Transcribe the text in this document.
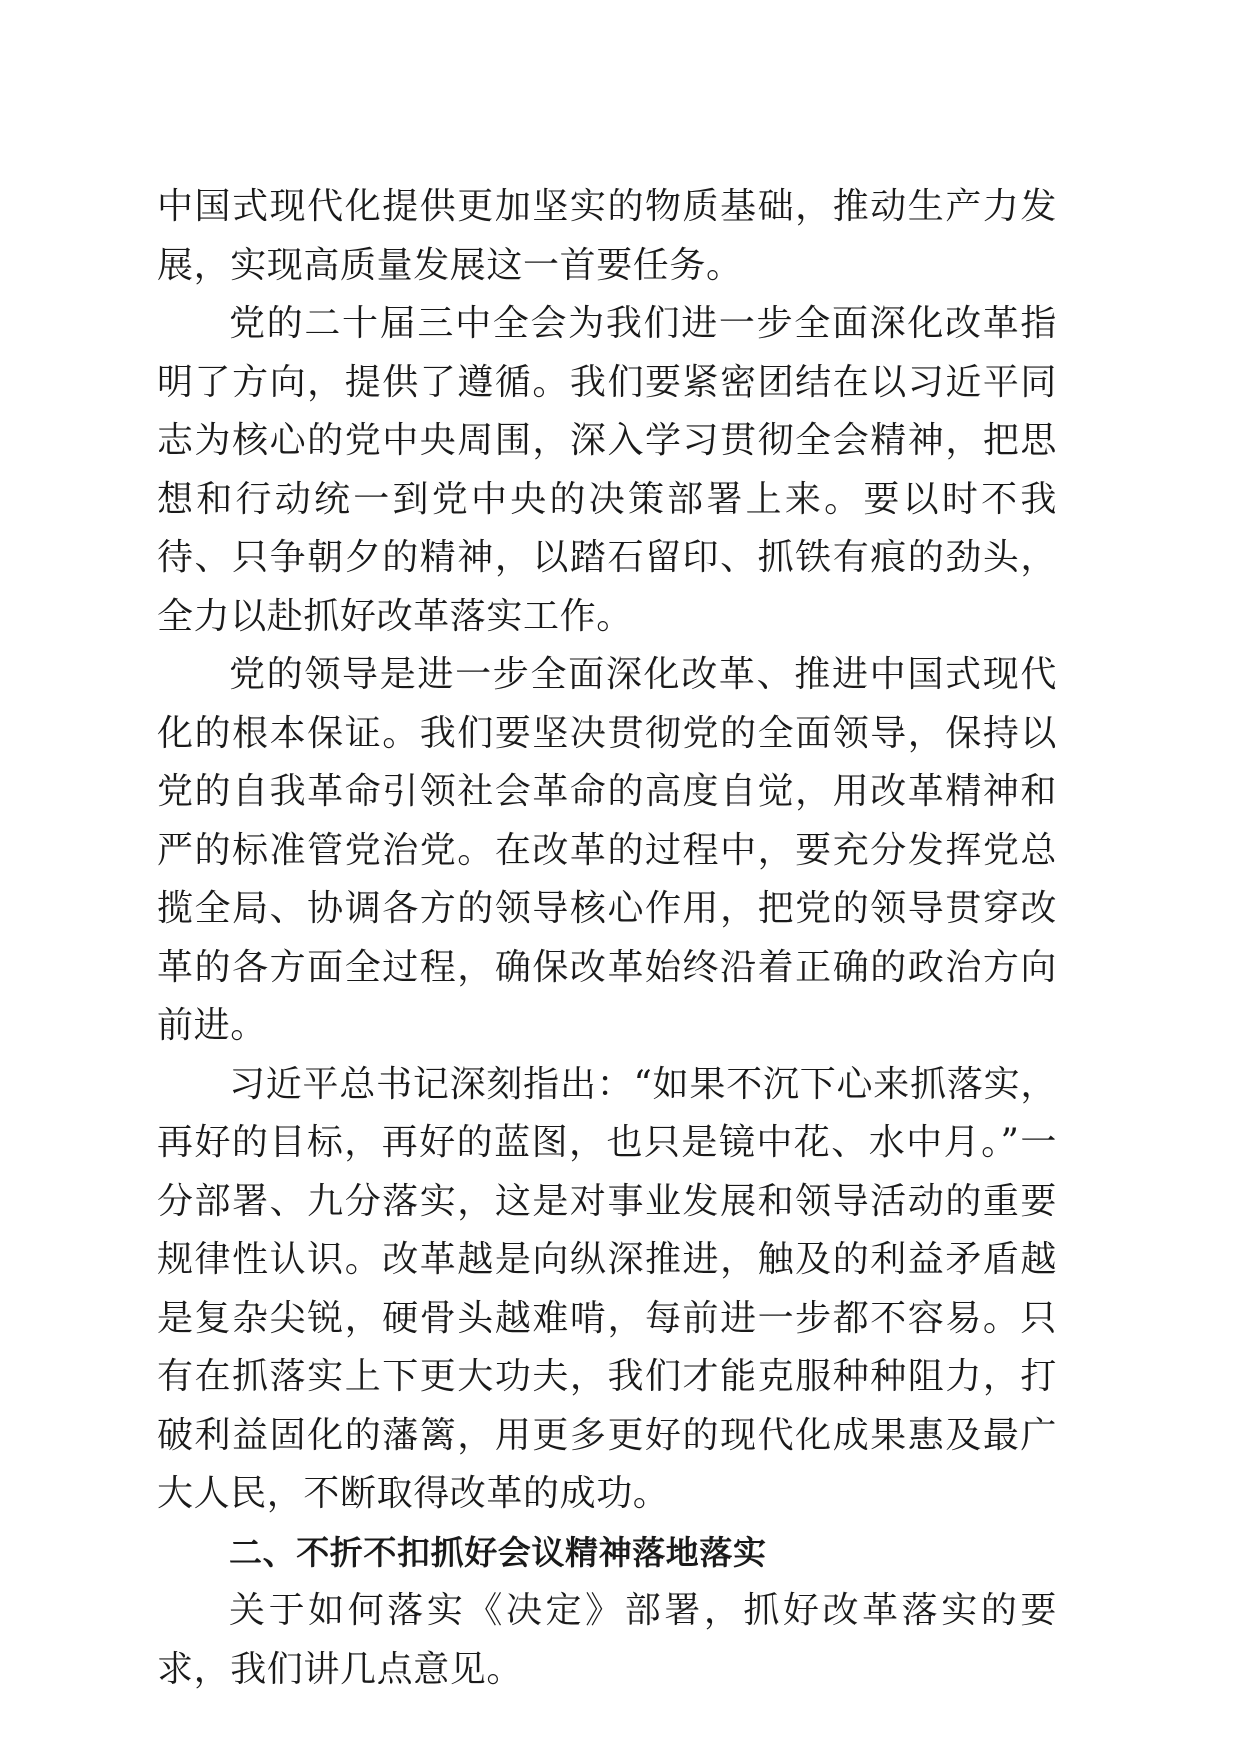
中国式现代化提供更加坚实的物质基础，推动生产力发展，实现高质量发展这一首要任务。

党的二十届三中全会为我们进一步全面深化改革指明了方向，提供了遵循。我们要紧密团结在以习近平同志为核心的党中央周围，深入学习贯彻全会精神，把思想和行动统一到党中央的决策部署上来。要以时不我待、只争朝夕的精神，以踏石留印、抓铁有痕的劲头，全力以赴抓好改革落实工作。

党的领导是进一步全面深化改革、推进中国式现代化的根本保证。我们要坚决贯彻党的全面领导，保持以党的自我革命引领社会革命的高度自觉，用改革精神和严的标准管党治党。在改革的过程中，要充分发挥党总揽全局、协调各方的领导核心作用，把党的领导贯穿改革的各方面全过程，确保改革始终沿着正确的政治方向前进。

习近平总书记深刻指出：“如果不沉下心来抓落实，再好的目标，再好的蓝图，也只是镜中花、水中月。”一分部署、九分落实，这是对事业发展和领导活动的重要规律性认识。改革越是向纵深推进，触及的利益矛盾越是复杂尖锐，硬骨头越难啃，每前进一步都不容易。只有在抓落实上下更大功夫，我们才能克服种种阻力，打破利益固化的藩篱，用更多更好的现代化成果惠及最广大人民，不断取得改革的成功。

二、不折不扣抓好会议精神落地落实

关于如何落实《决定》部署，抓好改革落实的要求，我们讲几点意见。
